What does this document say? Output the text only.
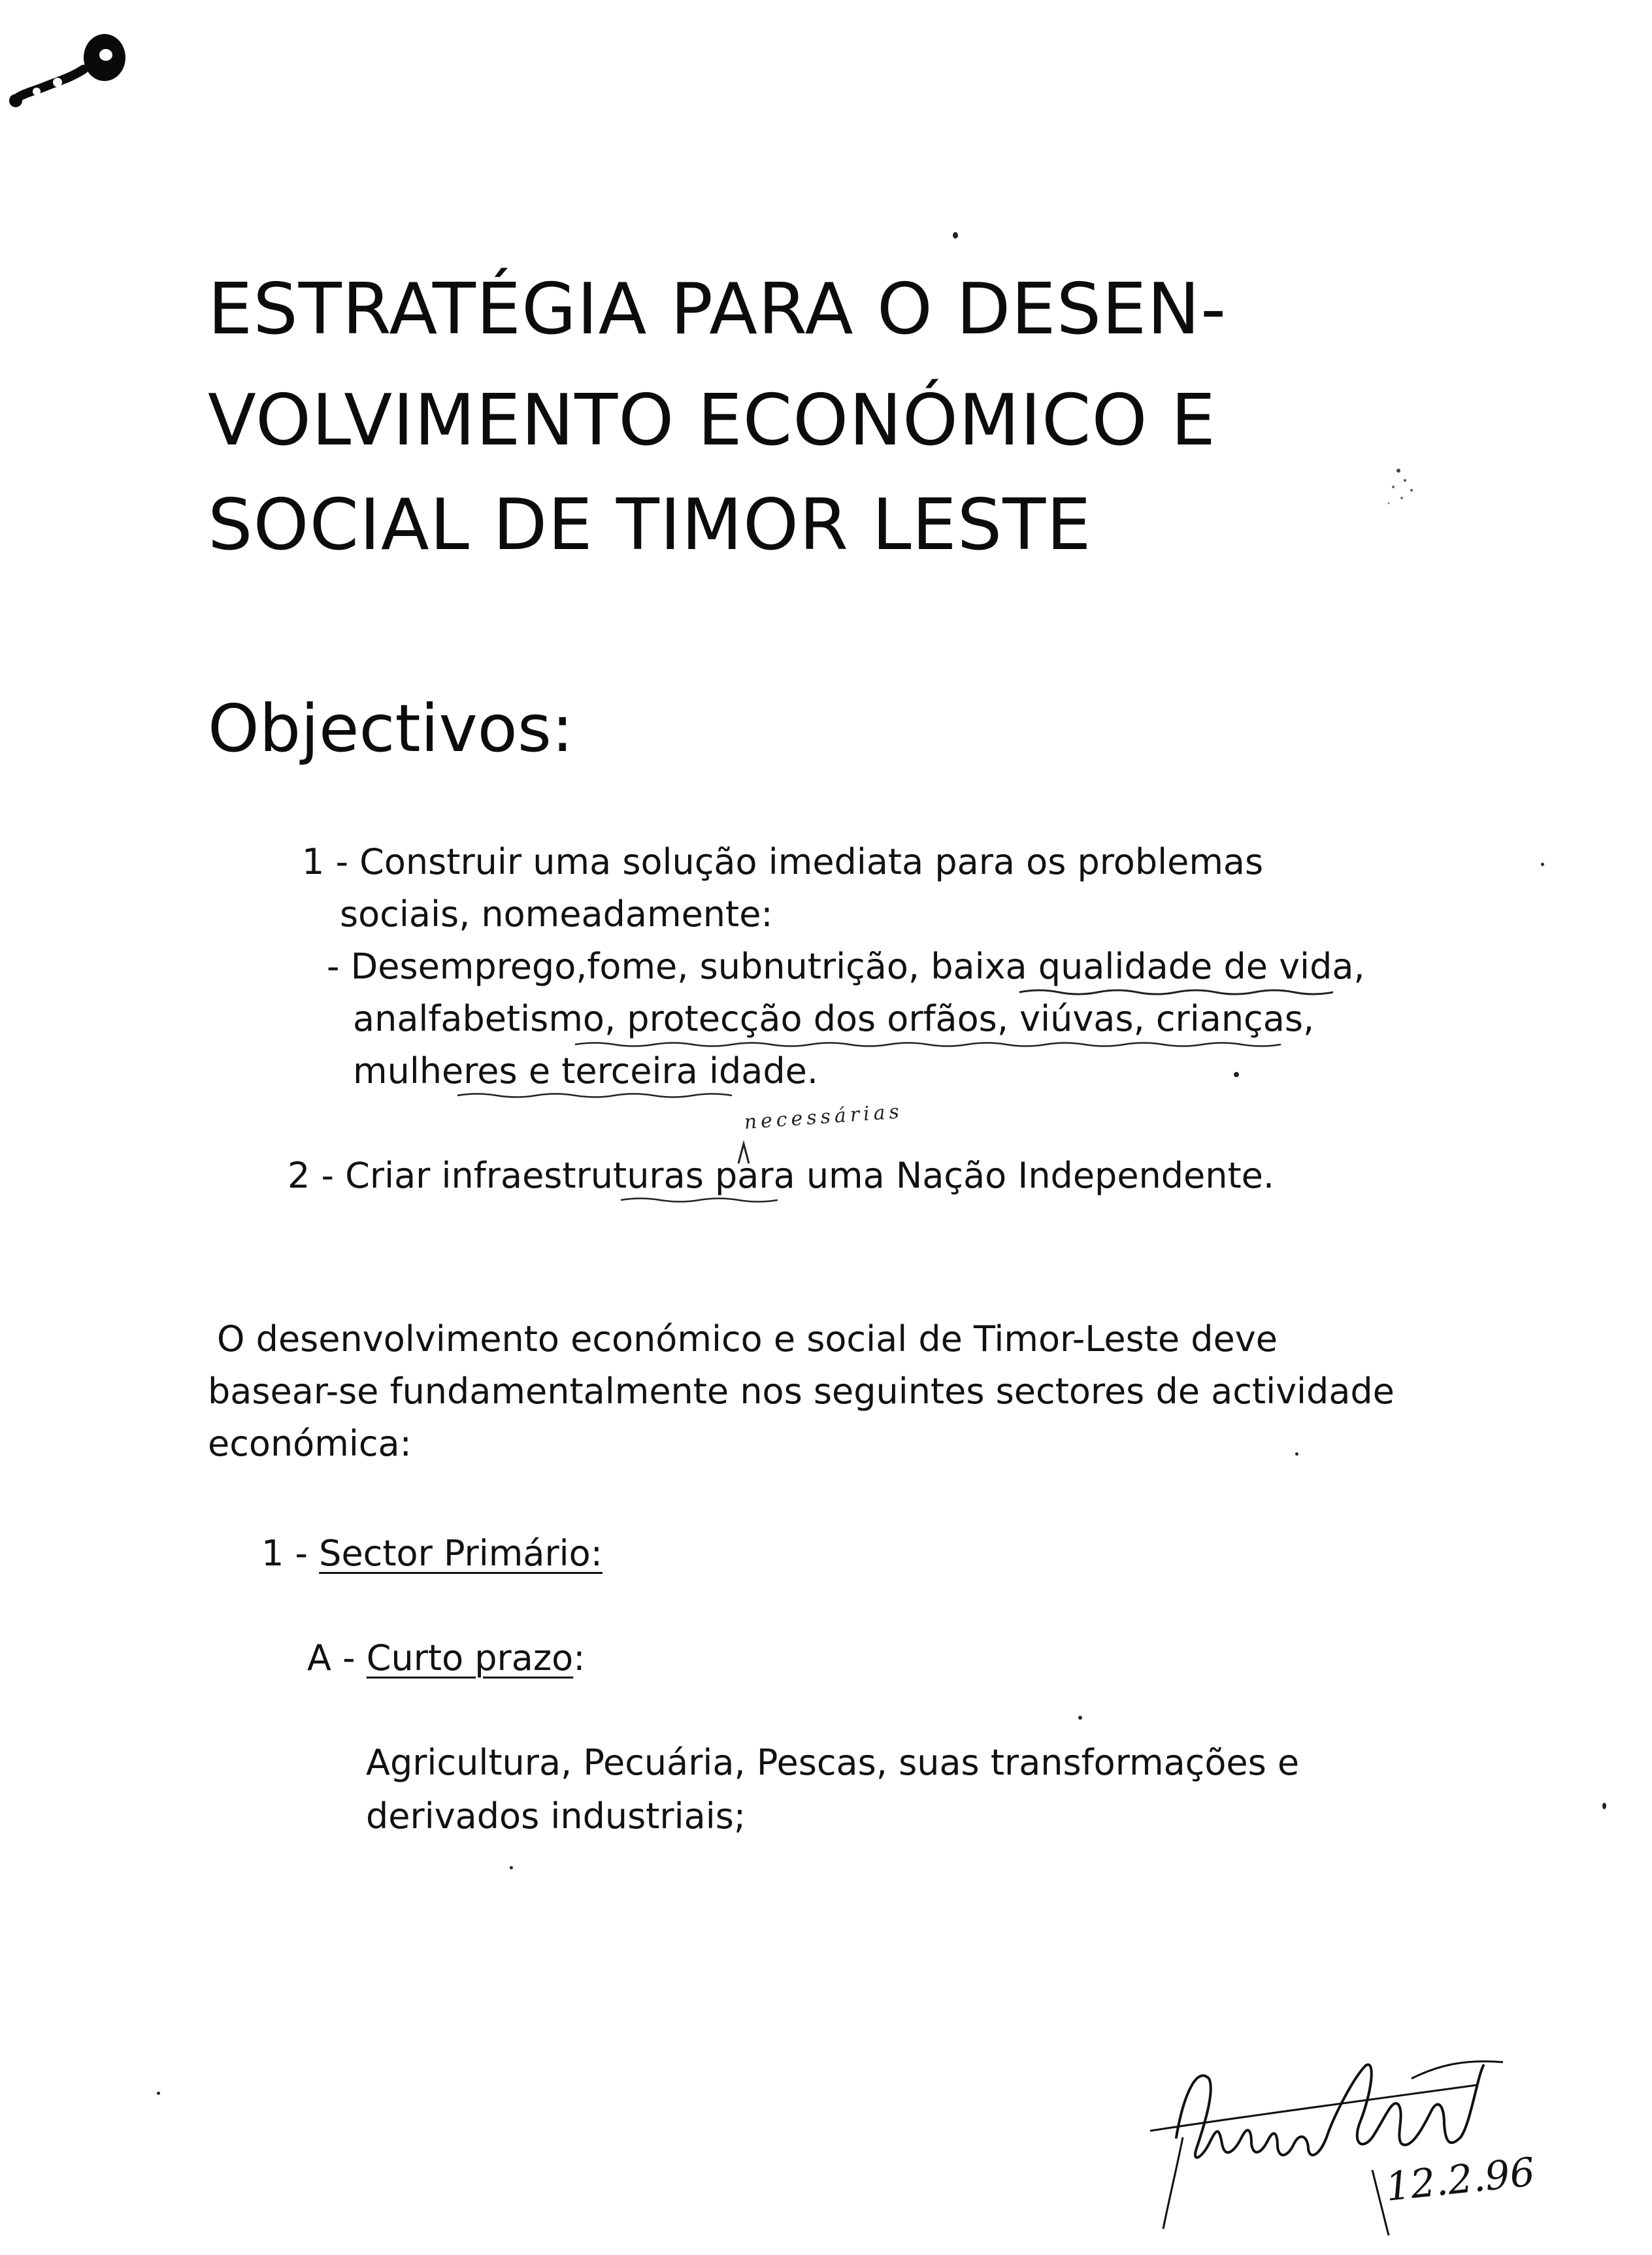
ESTRATÉGIA PARA O DESEN-
VOLVIMENTO ECONÓMICO E
SOCIAL DE TIMOR LESTE
Objectivos:
1 - Construir uma solução imediata para os problemas
sociais, nomeadamente:
- Desemprego,fome, subnutrição, baixa qualidade de vida,
analfabetismo, protecção dos orfãos, viúvas, crianças,
mulheres e terceira idade.
necessárias
2 - Criar infraestruturas para uma Nação Independente.
O desenvolvimento económico e social de Timor-Leste deve
basear-se fundamentalmente nos seguintes sectores de actividade
económica:
1 - Sector Primário:
A - Curto prazo:
Agricultura, Pecuária, Pescas, suas transformações e
derivados industriais;
12.2.96
